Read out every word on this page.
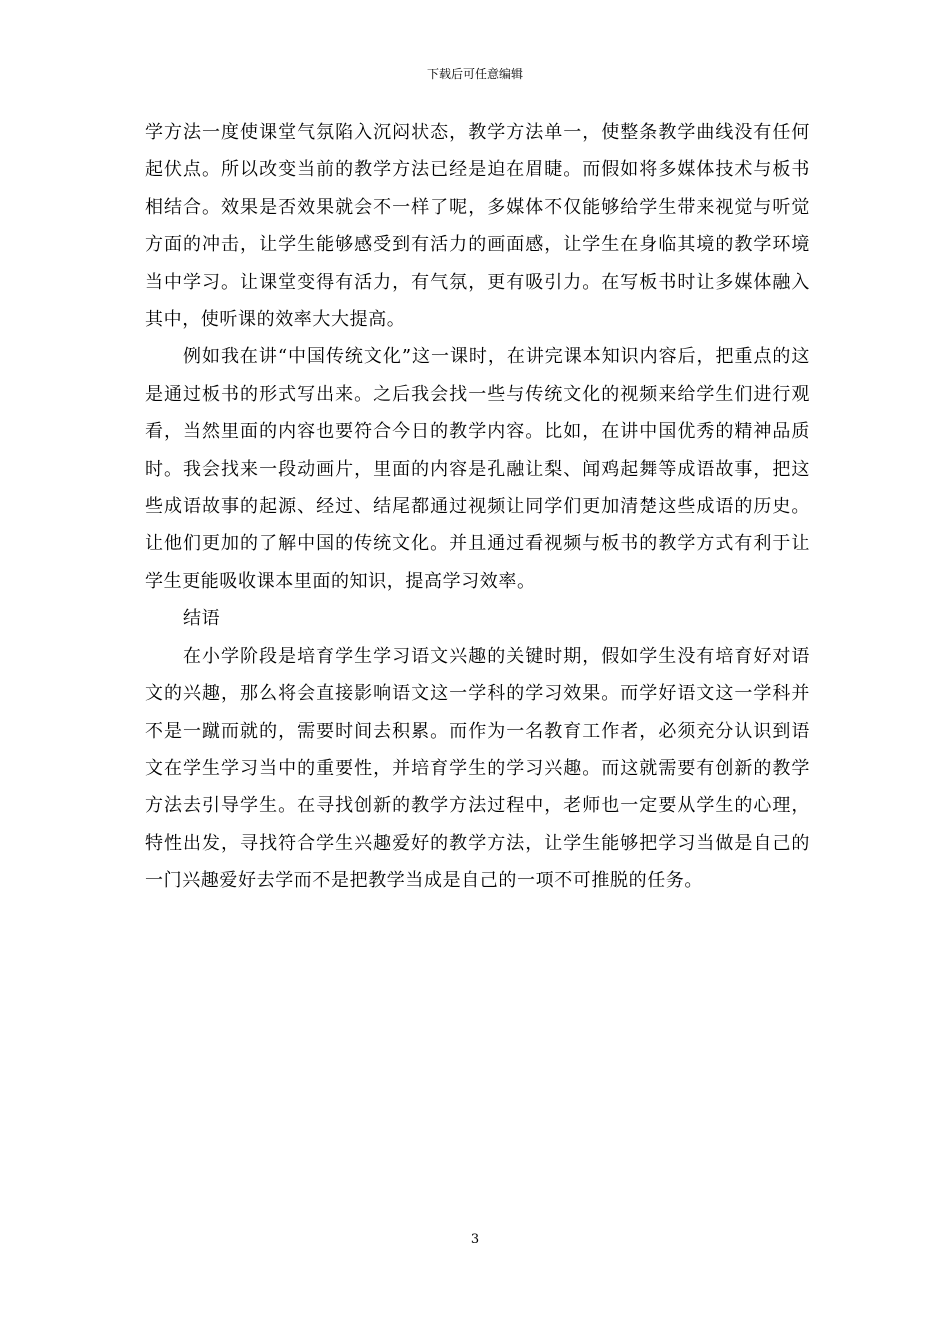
下载后可任意编辑

学方法一度使课堂气氛陷入沉闷状态，教学方法单一，使整条教学曲线没有任何起伏点。所以改变当前的教学方法已经是迫在眉睫。而假如将多媒体技术与板书相结合。效果是否效果就会不一样了呢，多媒体不仅能够给学生带来视觉与听觉方面的冲击，让学生能够感受到有活力的画面感，让学生在身临其境的教学环境当中学习。让课堂变得有活力，有气氛，更有吸引力。在写板书时让多媒体融入其中，使听课的效率大大提高。

例如我在讲“中国传统文化”这一课时，在讲完课本知识内容后，把重点的这是通过板书的形式写出来。之后我会找一些与传统文化的视频来给学生们进行观看，当然里面的内容也要符合今日的教学内容。比如，在讲中国优秀的精神品质时。我会找来一段动画片，里面的内容是孔融让梨、闻鸡起舞等成语故事，把这些成语故事的起源、经过、结尾都通过视频让同学们更加清楚这些成语的历史。让他们更加的了解中国的传统文化。并且通过看视频与板书的教学方式有利于让学生更能吸收课本里面的知识，提高学习效率。

结语

在小学阶段是培育学生学习语文兴趣的关键时期，假如学生没有培育好对语文的兴趣，那么将会直接影响语文这一学科的学习效果。而学好语文这一学科并不是一蹴而就的，需要时间去积累。而作为一名教育工作者，必须充分认识到语文在学生学习当中的重要性，并培育学生的学习兴趣。而这就需要有创新的教学方法去引导学生。在寻找创新的教学方法过程中，老师也一定要从学生的心理，特性出发，寻找符合学生兴趣爱好的教学方法，让学生能够把学习当做是自己的一门兴趣爱好去学而不是把教学当成是自己的一项不可推脱的任务。

3
